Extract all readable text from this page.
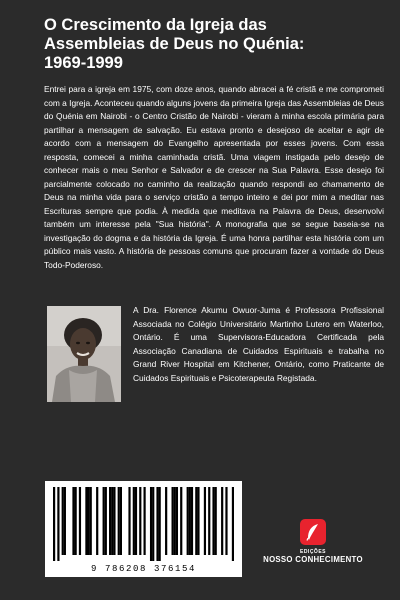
O Crescimento da Igreja das
Assembleias de Deus no Quénia:
1969-1999

Entrei para a igreja em 1975, com doze anos, quando abracei a fé cristã e me comprometi com a Igreja. Aconteceu quando alguns jovens da primeira Igreja das Assembleias de Deus do Quénia em Nairobi - o Centro Cristão de Nairobi - vieram à minha escola primária para partilhar a mensagem de salvação. Eu estava pronto e desejoso de aceitar e agir de acordo com a mensagem do Evangelho apresentada por esses jovens. Com essa resposta, comecei a minha caminhada cristã. Uma viagem instigada pelo desejo de conhecer mais o meu Senhor e Salvador e de crescer na Sua Palavra. Esse desejo foi parcialmente colocado no caminho da realização quando respondi ao chamamento de Deus na minha vida para o serviço cristão a tempo inteiro e dei por mim a meditar nas Escrituras sempre que podia. À medida que meditava na Palavra de Deus, desenvolvi também um interesse pela "Sua história". A monografia que se segue baseia-se na investigação do dogma e da história da Igreja. É uma honra partilhar esta história com um público mais vasto. A história de pessoas comuns que procuram fazer a vontade do Deus Todo-Poderoso.

A Dra. Florence Akumu Owuor-Juma é Professora Profissional Associada no Colégio Universitário Martinho Lutero em Waterloo, Ontário. É uma Supervisora-Educadora Certificada pela Associação Canadiana de Cuidados Espirituais e trabalha no Grand River Hospital em Kitchener, Ontário, como Praticante de Cuidados Espirituais e Psicoterapeuta Registada.

9 786208 376154
EDIÇÕES
NOSSO CONHECIMENTO
